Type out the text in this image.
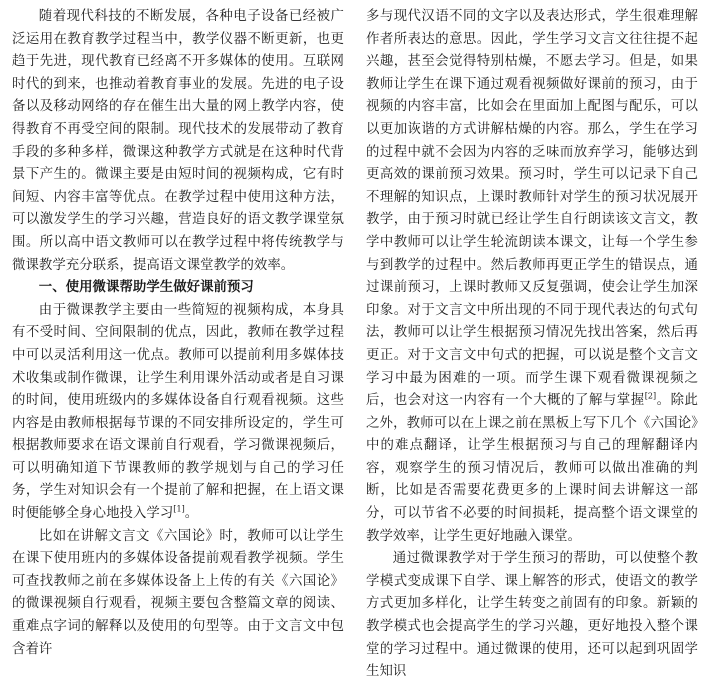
随着现代科技的不断发展，各种电子设备已经被广泛运用在教育教学过程当中，教学仪器不断更新，也更趋于先进，现代教育已经离不开多媒体的使用。互联网时代的到来，也推动着教育事业的发展。先进的电子设备以及移动网络的存在催生出大量的网上教学内容，使得教育不再受空间的限制。现代技术的发展带动了教育手段的多种多样，微课这种教学方式就是在这种时代背景下产生的。微课主要是由短时间的视频构成，它有时间短、内容丰富等优点。在教学过程中使用这种方法，可以激发学生的学习兴趣，营造良好的语文教学课堂氛围。所以高中语文教师可以在教学过程中将传统教学与微课教学充分联系，提高语文课堂教学的效率。

一、使用微课帮助学生做好课前预习

由于微课教学主要由一些简短的视频构成，本身具有不受时间、空间限制的优点，因此，教师在教学过程中可以灵活利用这一优点。教师可以提前利用多媒体技术收集或制作微课，让学生利用课外活动或者是自习课的时间，使用班级内的多媒体设备自行观看视频。这些内容是由教师根据每节课的不同安排所设定的，学生可根据教师要求在语文课前自行观看，学习微课视频后，可以明确知道下节课教师的教学规划与自己的学习任务，学生对知识会有一个提前了解和把握，在上语文课时便能够全身心地投入学习[1]。

比如在讲解文言文《六国论》时，教师可以让学生在课下使用班内的多媒体设备提前观看教学视频。学生可查找教师之前在多媒体设备上上传的有关《六国论》的微课视频自行观看，视频主要包含整篇文章的阅读、重难点字词的解释以及使用的句型等。由于文言文中包含着许

多与现代汉语不同的文字以及表达形式，学生很难理解作者所表达的意思。因此，学生学习文言文往往提不起兴趣，甚至会觉得特别枯燥，不愿去学习。但是，如果教师让学生在课下通过观看视频做好课前的预习，由于视频的内容丰富，比如会在里面加上配图与配乐，可以以更加诙谐的方式讲解枯燥的内容。那么，学生在学习的过程中就不会因为内容的乏味而放弃学习，能够达到更高效的课前预习效果。预习时，学生可以记录下自己不理解的知识点，上课时教师针对学生的预习状况展开教学，由于预习时就已经让学生自行朗读该文言文，教学中教师可以让学生轮流朗读本课文，让每一个学生参与到教学的过程中。然后教师再更正学生的错误点，通过课前预习，上课时教师又反复强调，使会让学生加深印象。对于文言文中所出现的不同于现代表达的句式句法，教师可以让学生根据预习情况先找出答案，然后再更正。对于文言文中句式的把握，可以说是整个文言文学习中最为困难的一项。而学生课下观看微课视频之后，也会对这一内容有一个大概的了解与掌握[2]。除此之外，教师可以在上课之前在黑板上写下几个《六国论》中的难点翻译，让学生根据预习与自己的理解翻译内容，观察学生的预习情况后，教师可以做出准确的判断，比如是否需要花费更多的上课时间去讲解这一部分，可以节省不必要的时间损耗，提高整个语文课堂的教学效率，让学生更好地融入课堂。

通过微课教学对于学生预习的帮助，可以使整个教学模式变成课下自学、课上解答的形式，使语文的教学方式更加多样化，让学生转变之前固有的印象。新颖的教学模式也会提高学生的学习兴趣，更好地投入整个课堂的学习过程中。通过微课的使用，还可以起到巩固学生知识
